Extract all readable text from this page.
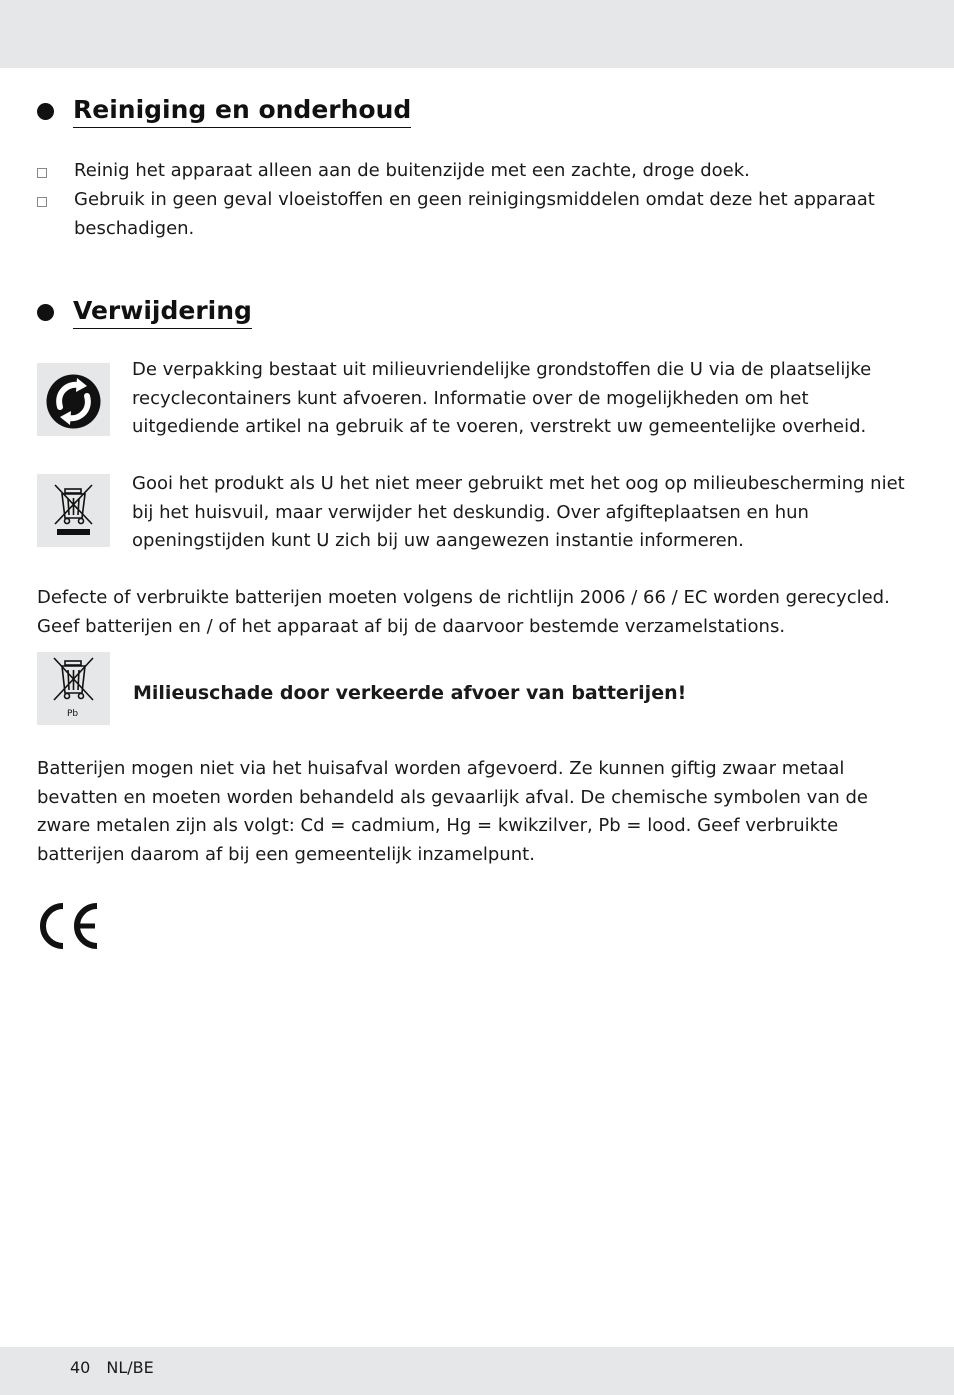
Reiniging en onderhoud
Reinig het apparaat alleen aan de buitenzijde met een zachte, droge doek.
Gebruik in geen geval vloeistoffen en geen reinigingsmiddelen omdat deze het apparaat beschadigen.
Verwijdering

De verpakking bestaat uit milieuvriendelijke grondstoffen die U via de plaatselijke recyclecontainers kunt afvoeren. Informatie over de mogelijkheden om het uitgediende artikel na gebruik af te voeren, verstrekt uw gemeentelijke overheid.

Gooi het produkt als U het niet meer gebruikt met het oog op milieubescherming niet bij het huisvuil, maar verwijder het deskundig. Over afgifteplaatsen en hun openingstijden kunt U zich bij uw aangewezen instantie informeren.

Defecte of verbruikte batterijen moeten volgens de richtlijn 2006 / 66 / EC worden gerecycled. Geef batterijen en / of het apparaat af bij de daarvoor bestemde verzamelstations.

Pb

Milieuschade door verkeerde afvoer van batterijen!

Batterijen mogen niet via het huisafval worden afgevoerd. Ze kunnen giftig zwaar metaal bevatten en moeten worden behandeld als gevaarlijk afval. De chemische symbolen van de zware metalen zijn als volgt: Cd = cadmium, Hg = kwikzilver, Pb = lood. Geef verbruikte batterijen daarom af bij een gemeentelijk inzamelpunt.

40 NL/BE
